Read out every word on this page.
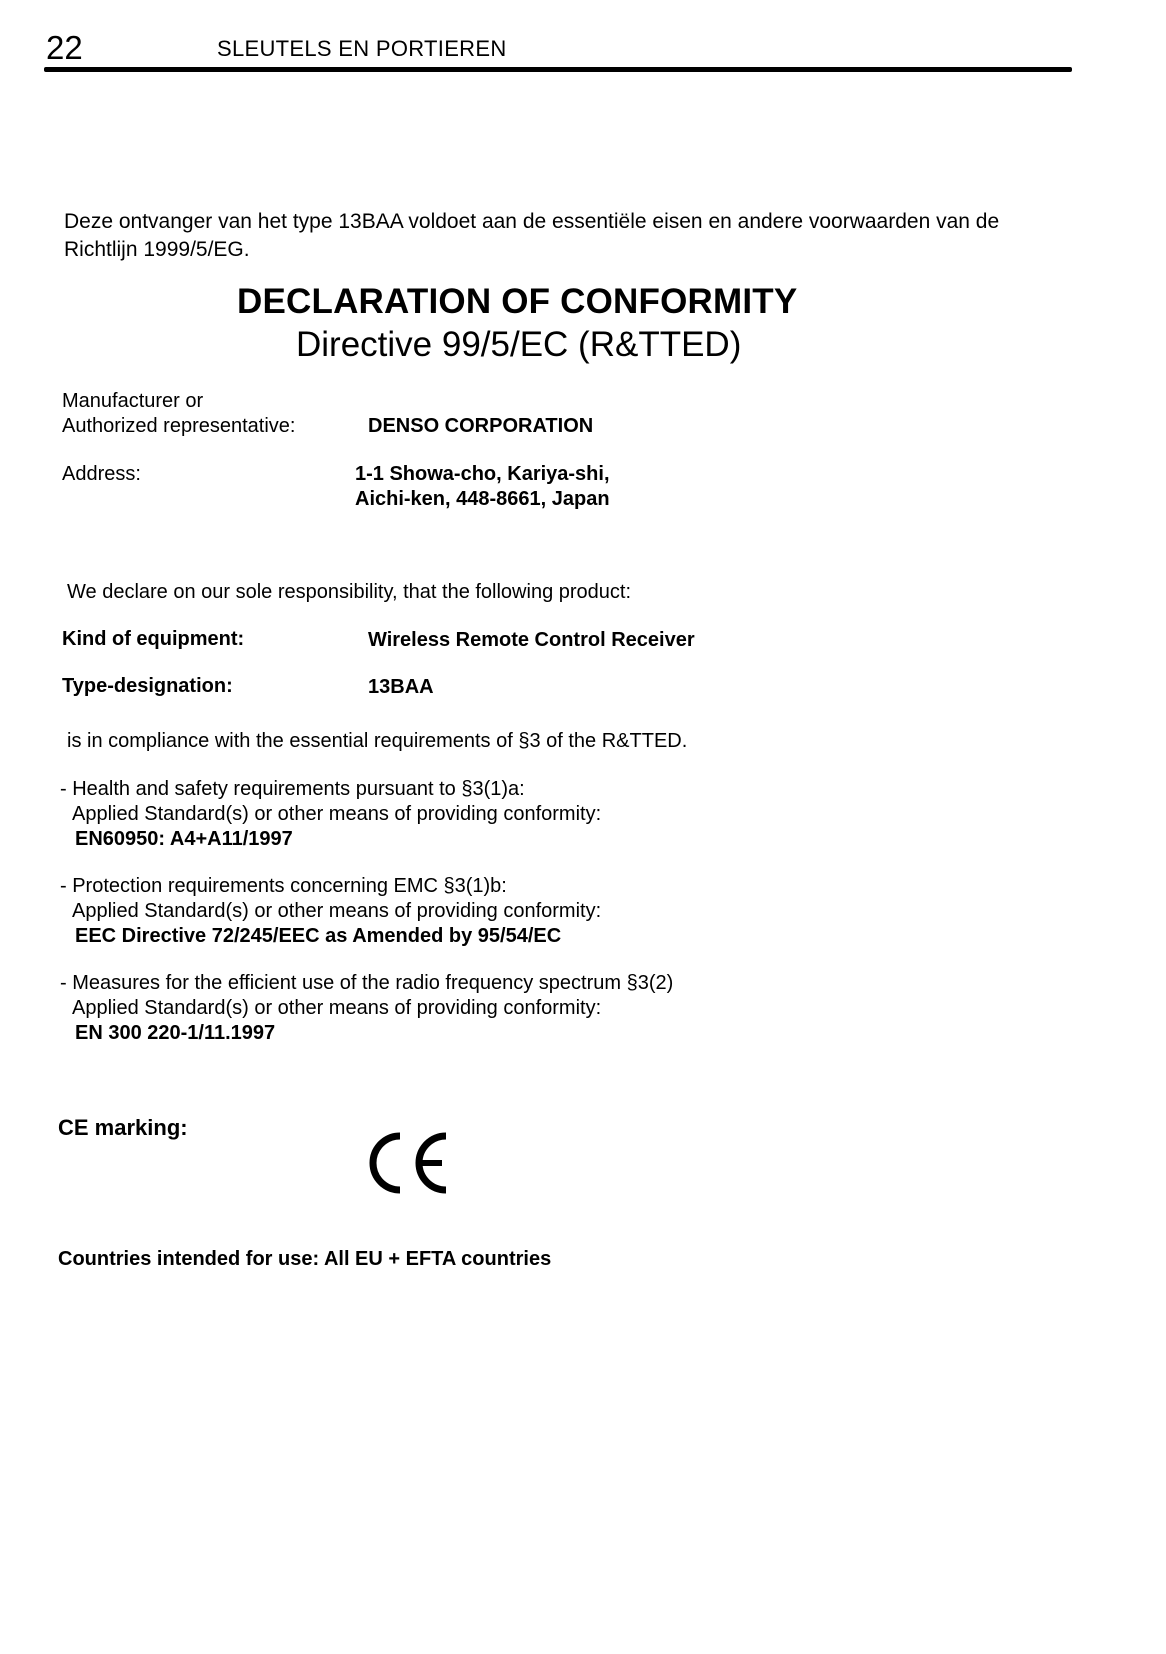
22	SLEUTELS EN PORTIEREN
Deze ontvanger van het type 13BAA voldoet aan de essentiële eisen en andere voorwaarden van de Richtlijn 1999/5/EG.
DECLARATION OF CONFORMITY
Directive 99/5/EC (R&TTED)
Manufacturer or
Authorized representative:	DENSO CORPORATION
Address:	1-1 Showa-cho, Kariya-shi,
Aichi-ken, 448-8661, Japan
We declare on our sole responsibility, that the following product:
Kind of equipment:	Wireless Remote Control Receiver
Type-designation:	13BAA
is in compliance with the essential requirements of §3 of the R&TTED.
- Health and safety requirements pursuant to §3(1)a:
Applied Standard(s) or other means of providing conformity:
EN60950: A4+A11/1997
- Protection requirements concerning EMC §3(1)b:
Applied Standard(s) or other means of providing conformity:
EEC Directive 72/245/EEC as Amended by 95/54/EC
- Measures for the efficient use of the radio frequency spectrum §3(2)
Applied Standard(s) or other means of providing conformity:
EN 300 220-1/11.1997
CE marking:
Countries intended for use: All EU + EFTA countries
